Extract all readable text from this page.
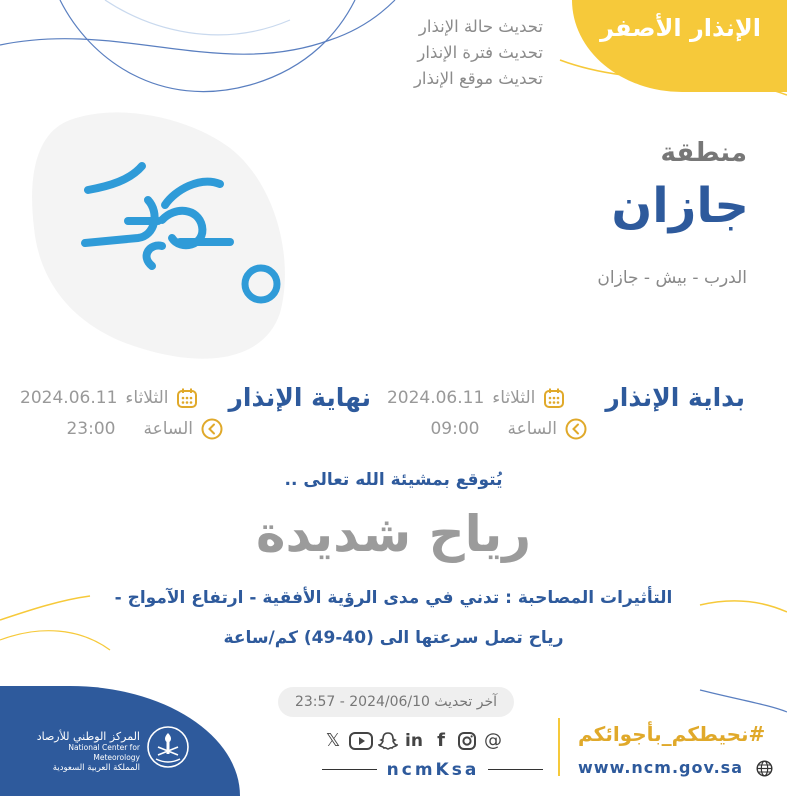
الإنذار الأصفر
تحديث حالة الإنذار
تحديث فترة الإنذار
تحديث موقع الإنذار
منطقة
جازان
الدرب - بيش - جازان
بداية الإنذار
الثلاثاء
2024.06.11
الساعة
09:00
نهاية الإنذار
الثلاثاء
2024.06.11
الساعة
23:00
يُتوقع بمشيئة الله تعالى ..
رياح شديدة
التأثيرات المصاحبة : تدني في مدى الرؤية الأفقية - ارتفاع الآمواج -
رياح تصل سرعتها الى (40-49) كم/ساعة
آخر تحديث 2024/06/10 - 23:57
المركز الوطني للأرصاد
National Center for Meteorology
المملكة العربية السعودية
𝕏	in f	@
ncmKsa
#نحيطكم_بأجوائكم
www.ncm.gov.sa
